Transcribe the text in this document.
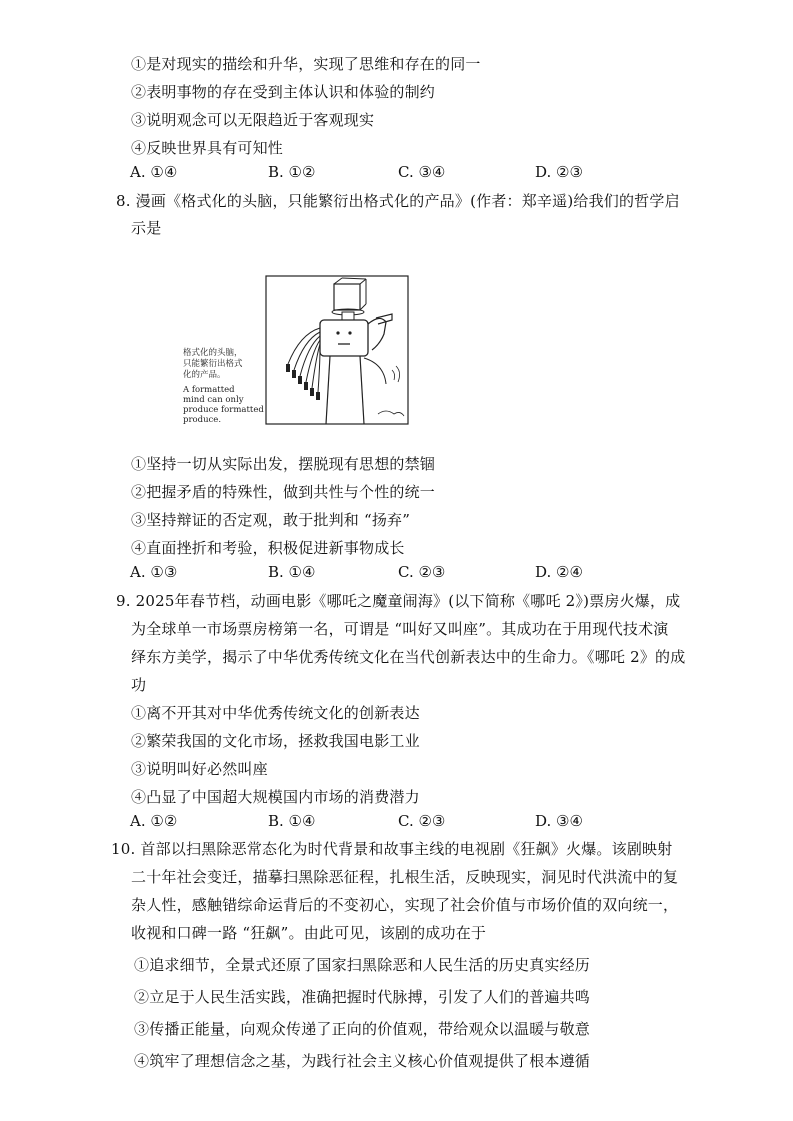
①是对现实的描绘和升华，实现了思维和存在的同一
②表明事物的存在受到主体认识和体验的制约
③说明观念可以无限趋近于客观现实
④反映世界具有可知性
A. ①④	B. ①②	C. ③④	D. ②③
8. 漫画《格式化的头脑，只能繁衍出格式化的产品》(作者：郑辛遥)给我们的哲学启
示是
格式化的头脑，
只能繁衍出格式
化的产品。
A formatted
mind can only
produce formatted
produce.
①坚持一切从实际出发，摆脱现有思想的禁锢
②把握矛盾的特殊性，做到共性与个性的统一
③坚持辩证的否定观，敢于批判和 “扬弃”
④直面挫折和考验，积极促进新事物成长
A. ①③	B. ①④	C. ②③	D. ②④
9. 2025年春节档，动画电影《哪吒之魔童闹海》(以下简称《哪吒 2》)票房火爆，成
为全球单一市场票房榜第一名，可谓是 “叫好又叫座”。其成功在于用现代技术演
绎东方美学，揭示了中华优秀传统文化在当代创新表达中的生命力。《哪吒 2》的成
功
①离不开其对中华优秀传统文化的创新表达
②繁荣我国的文化市场，拯救我国电影工业
③说明叫好必然叫座
④凸显了中国超大规模国内市场的消费潜力
A. ①②	B. ①④	C. ②③	D. ③④
10. 首部以扫黑除恶常态化为时代背景和故事主线的电视剧《狂飙》火爆。该剧映射
二十年社会变迁，描摹扫黑除恶征程，扎根生活，反映现实，洞见时代洪流中的复
杂人性，感触错综命运背后的不变初心，实现了社会价值与市场价值的双向统一，
收视和口碑一路 “狂飙”。由此可见，该剧的成功在于
①追求细节，全景式还原了国家扫黑除恶和人民生活的历史真实经历
②立足于人民生活实践，准确把握时代脉搏，引发了人们的普遍共鸣
③传播正能量，向观众传递了正向的价值观，带给观众以温暖与敬意
④筑牢了理想信念之基，为践行社会主义核心价值观提供了根本遵循
